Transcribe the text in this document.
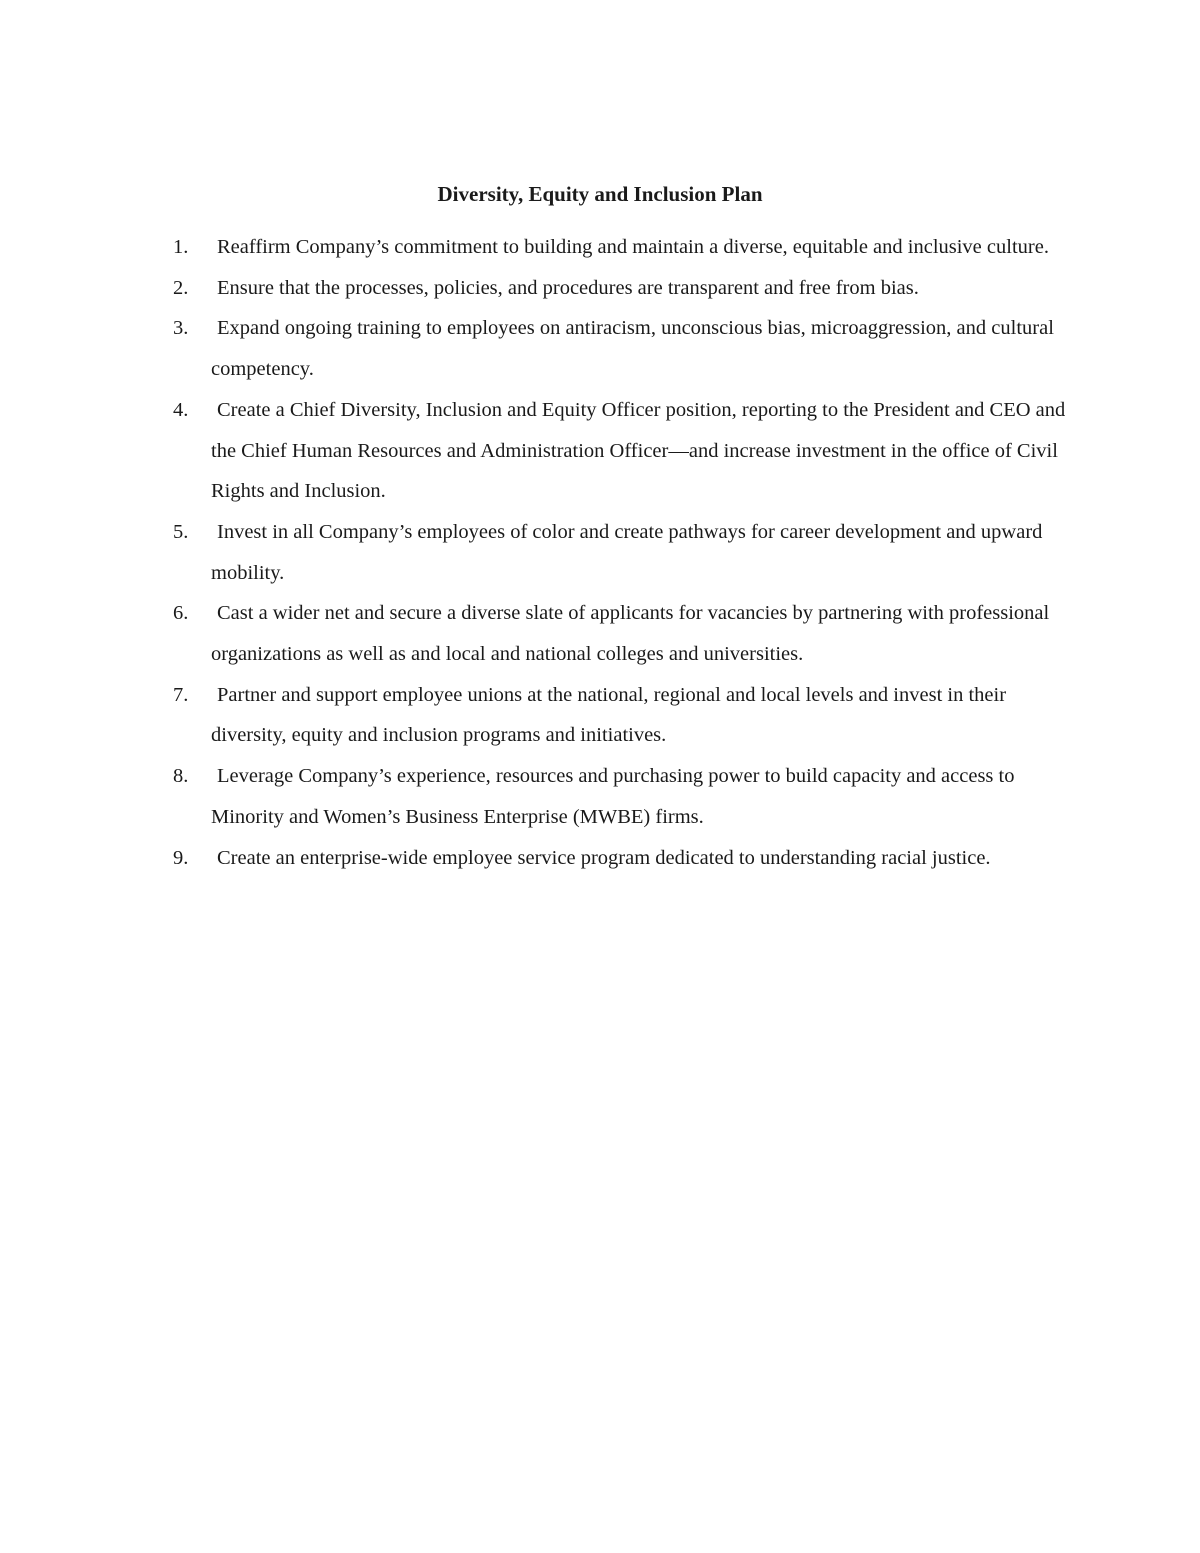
Diversity, Equity and Inclusion Plan
1.	Reaffirm Company’s commitment to building and maintain a diverse, equitable and inclusive culture.
2.	Ensure that the processes, policies, and procedures are transparent and free from bias.
3.	Expand ongoing training to employees on antiracism, unconscious bias, microaggression, and cultural competency.
4.	Create a Chief Diversity, Inclusion and Equity Officer position, reporting to the President and CEO and the Chief Human Resources and Administration Officer—and increase investment in the office of Civil Rights and Inclusion.
5.	Invest in all Company’s employees of color and create pathways for career development and upward mobility.
6.	Cast a wider net and secure a diverse slate of applicants for vacancies by partnering with professional organizations as well as and local and national colleges and universities.
7.	Partner and support employee unions at the national, regional and local levels and invest in their diversity, equity and inclusion programs and initiatives.
8.	Leverage Company’s experience, resources and purchasing power to build capacity and access to Minority and Women’s Business Enterprise (MWBE) firms.
9.	Create an enterprise-wide employee service program dedicated to understanding racial justice.
